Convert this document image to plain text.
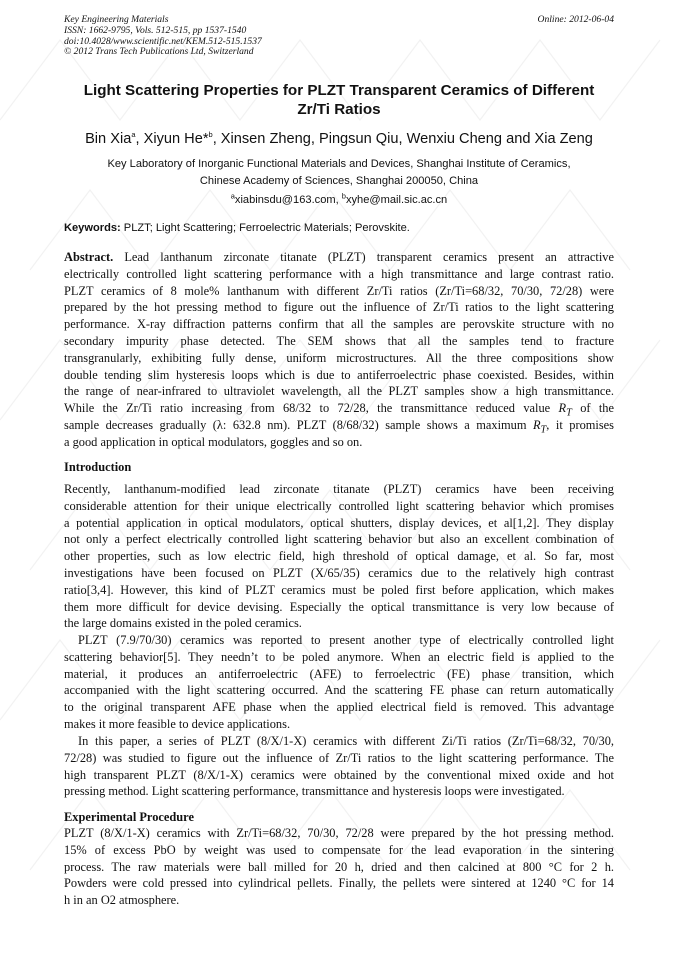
Key Engineering Materials
ISSN: 1662-9795, Vols. 512-515, pp 1537-1540
doi:10.4028/www.scientific.net/KEM.512-515.1537
© 2012 Trans Tech Publications Ltd, Switzerland
Online: 2012-06-04
Light Scattering Properties for PLZT Transparent Ceramics of Different
Zr/Ti Ratios
Bin Xia$^a$, Xiyun He*$^b$, Xinsen Zheng, Pingsun Qiu, Wenxiu Cheng and Xia Zeng
Key Laboratory of Inorganic Functional Materials and Devices, Shanghai Institute of Ceramics,
Chinese Academy of Sciences, Shanghai 200050, China
$^a$xiabinsdu@163.com, $^b$xyhe@mail.sic.ac.cn
Keywords: PLZT; Light Scattering; Ferroelectric Materials; Perovskite.
Abstract. Lead lanthanum zirconate titanate (PLZT) transparent ceramics present an attractive
electrically controlled light scattering performance with a high transmittance and large contrast ratio.
PLZT ceramics of 8 mole% lanthanum with different Zr/Ti ratios (Zr/Ti=68/32, 70/30, 72/28) were
prepared by the hot pressing method to figure out the influence of Zr/Ti ratios to the light scattering
performance. X-ray diffraction patterns confirm that all the samples are perovskite structure with no
secondary impurity phase detected. The SEM shows that all the samples tend to fracture
transgranularly, exhibiting fully dense, uniform microstructures. All the three compositions show
double tending slim hysteresis loops which is due to antiferroelectric phase coexisted. Besides, within
the range of near-infrared to ultraviolet wavelength, all the PLZT samples show a high transmittance.
While the Zr/Ti ratio increasing from 68/32 to 72/28, the transmittance reduced value $R_T$ of the
sample decreases gradually (λ: 632.8 nm). PLZT (8/68/32) sample shows a maximum $R_T$, it promises
a good application in optical modulators, goggles and so on.
Introduction
Recently, lanthanum-modified lead zirconate titanate (PLZT) ceramics have been receiving
considerable attention for their unique electrically controlled light scattering behavior which promises
a potential application in optical modulators, optical shutters, display devices, et al[1,2]. They display
not only a perfect electrically controlled light scattering behavior but also an excellent combination of
other properties, such as low electric field, high threshold of optical damage, et al. So far, most
investigations have been focused on PLZT (X/65/35) ceramics due to the relatively high contrast
ratio[3,4]. However, this kind of PLZT ceramics must be poled first before application, which makes
them more difficult for device devising. Especially the optical transmittance is very low because of
the large domains existed in the poled ceramics.
PLZT (7.9/70/30) ceramics was reported to present another type of electrically controlled light
scattering behavior[5]. They needn’t to be poled anymore. When an electric field is applied to the
material, it produces an antiferroelectric (AFE) to ferroelectric (FE) phase transition, which
accompanied with the light scattering occurred. And the scattering FE phase can return automatically
to the original transparent AFE phase when the applied electrical field is removed. This advantage
makes it more feasible to device applications.
In this paper, a series of PLZT (8/X/1-X) ceramics with different Zi/Ti ratios (Zr/Ti=68/32, 70/30,
72/28) was studied to figure out the influence of Zr/Ti ratios to the light scattering performance. The
high transparent PLZT (8/X/1-X) ceramics were obtained by the conventional mixed oxide and hot
pressing method. Light scattering performance, transmittance and hysteresis loops were investigated.
Experimental Procedure
PLZT (8/X/1-X) ceramics with Zr/Ti=68/32, 70/30, 72/28 were prepared by the hot pressing method.
15% of excess PbO by weight was used to compensate for the lead evaporation in the sintering
process. The raw materials were ball milled for 20 h, dried and then calcined at 800 °C for 2 h.
Powders were cold pressed into cylindrical pellets. Finally, the pellets were sintered at 1240 °C for 14
h in an O2 atmosphere.
